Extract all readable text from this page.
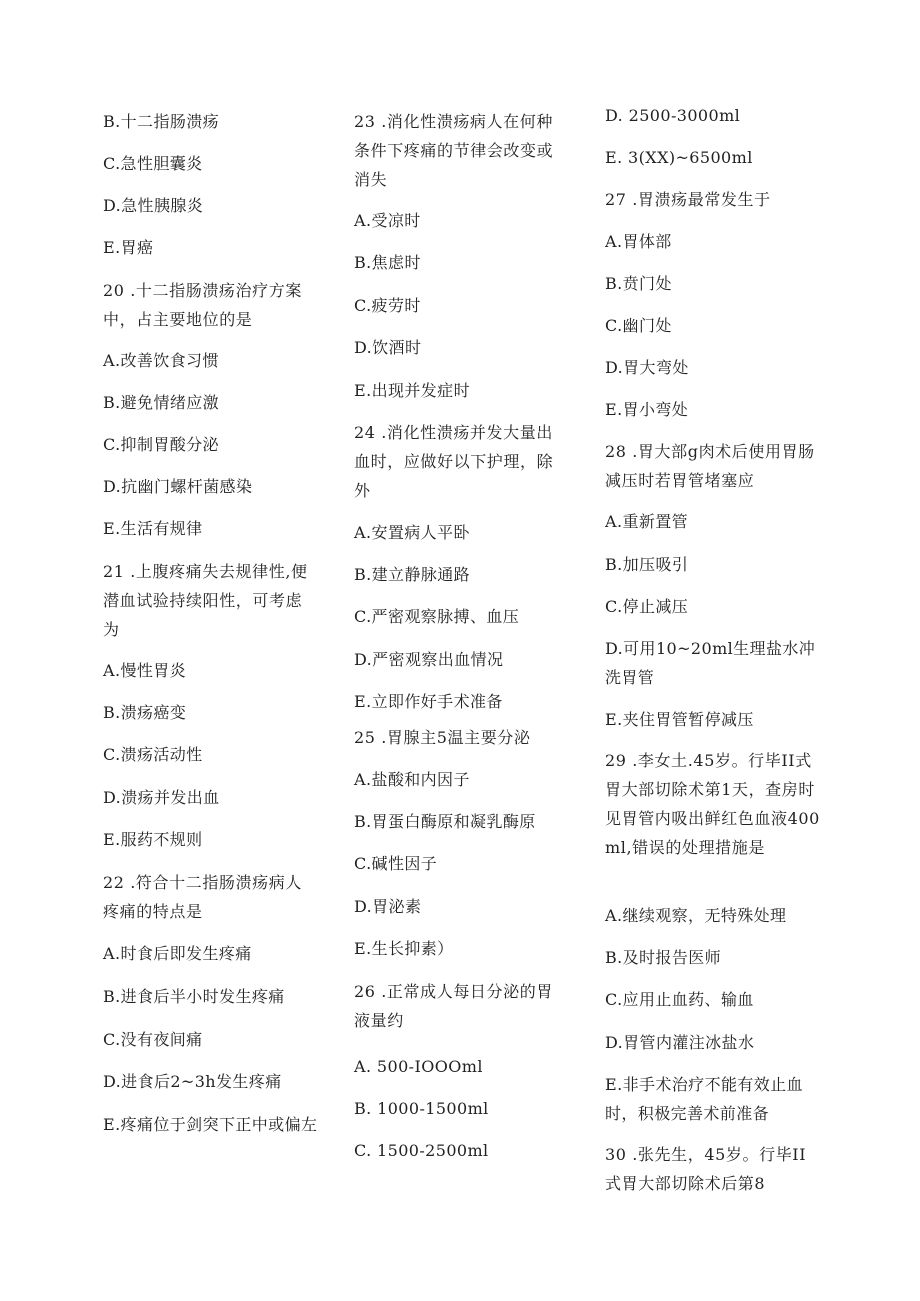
B.十二指肠溃疡
C.急性胆囊炎
D.急性胰腺炎
E.胃癌
20 .十二指肠溃疡治疗方案中，占主要地位的是
A.改善饮食习惯
B.避免情绪应激
C.抑制胃酸分泌
D.抗幽门螺杆菌感染
E.生活有规律
21 .上腹疼痛失去规律性,便潜血试验持续阳性，可考虑为
A.慢性胃炎
B.溃疡癌变
C.溃疡活动性
D.溃疡并发出血
E.服药不规则
22 .符合十二指肠溃疡病人疼痛的特点是
A.时食后即发生疼痛
B.进食后半小时发生疼痛
C.没有夜间痛
D.进食后2~3h发生疼痛
E.疼痛位于剑突下正中或偏左
23 .消化性溃疡病人在何种条件下疼痛的节律会改变或消失
A.受凉时
B.焦虑时
C.疲劳时
D.饮酒时
E.出现并发症时
24 .消化性溃疡并发大量出血时，应做好以下护理，除外
A.安置病人平卧
B.建立静脉通路
C.严密观察脉搏、血压
D.严密观察出血情况
E.立即作好手术准备
25 .胃腺主5温主要分泌
A.盐酸和内因子
B.胃蛋白酶原和凝乳酶原
C.碱性因子
D.胃泌素
E.生长抑素）
26 .正常成人每日分泌的胃液量约
A. 500-IOOOml
B. 1000-1500ml
C. 1500-2500ml
D. 2500-3000ml
E. 3(XX)~6500ml
27 .胃溃疡最常发生于
A.胃体部
B.贲门处
C.幽门处
D.胃大弯处
E.胃小弯处
28 .胃大部g肉术后使用胃肠减压时若胃管堵塞应
A.重新置管
B.加压吸引
C.停止减压
D.可用10~20ml生理盐水冲洗胃管
E.夹住胃管暂停减压
29 .李女土.45岁。行毕II式胃大部切除术第1天，查房时见胃管内吸出鲜红色血液400ml,错误的处理措施是
A.继续观察，无特殊处理
B.及时报告医师
C.应用止血药、输血
D.胃管内灌注冰盐水
E.非手术治疗不能有效止血时，积极完善术前准备
30 .张先生，45岁。行毕II式胃大部切除术后第8
